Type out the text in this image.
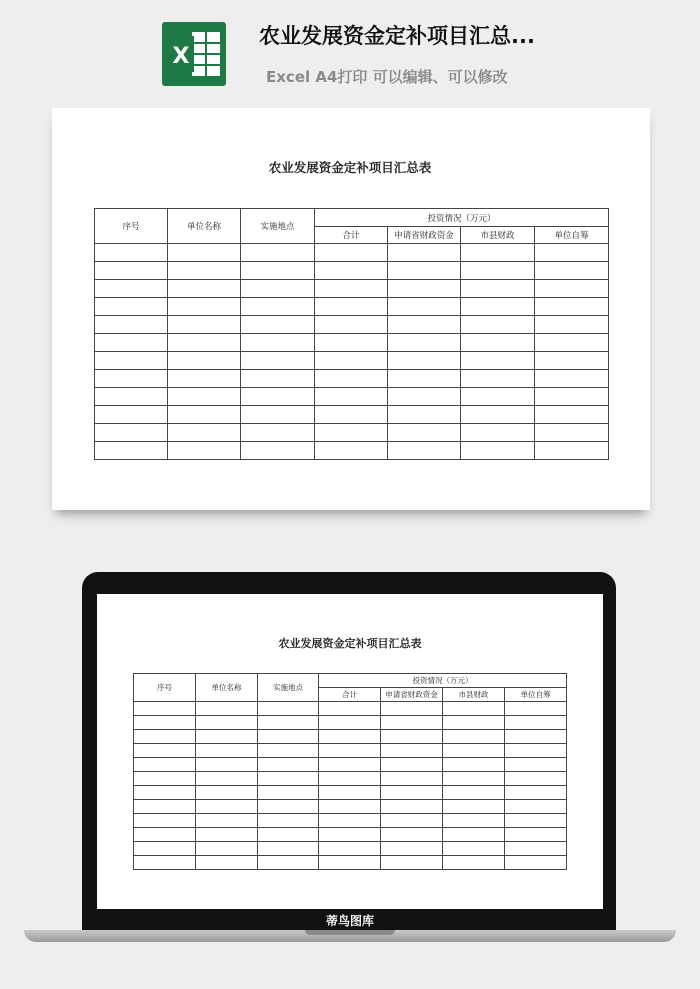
X
农业发展资金定补项目汇总...
Excel A4打印 可以编辑、可以修改
农业发展资金定补项目汇总表
序号	单位名称	实施地点	投资情况（万元）			
			合计	申请省财政资金	市县财政	单位自筹

农业发展资金定补项目汇总表
序号	单位名称	实施地点	投资情况（万元）			
			合计	申请省财政资金	市县财政	单位自筹

蒂鸟图库
